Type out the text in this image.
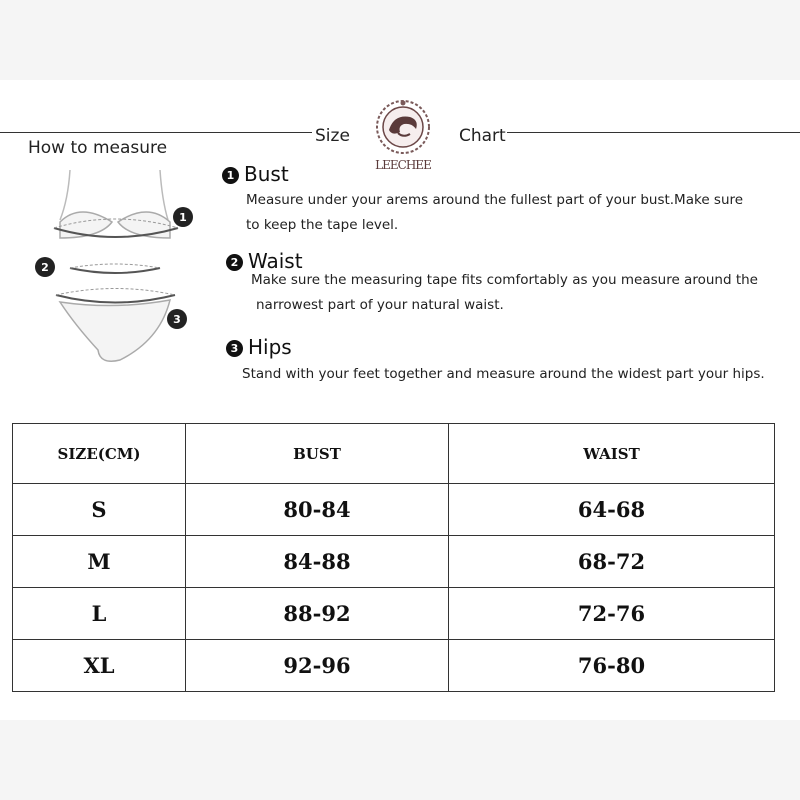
Size	Chart
LEECHEE
How to measure
1
2
3
1 Bust
Measure under your arems around the fullest part of your bust.Make sure
to keep the tape level.
2 Waist
Make sure the measuring tape fits comfortably as you measure around the
narrowest part of your natural waist.
3 Hips
Stand with your feet together and measure around the widest part your hips.
SIZE(CM)	BUST	WAIST
S	80-84	64-68
M	84-88	68-72
L	88-92	72-76
XL	92-96	76-80
